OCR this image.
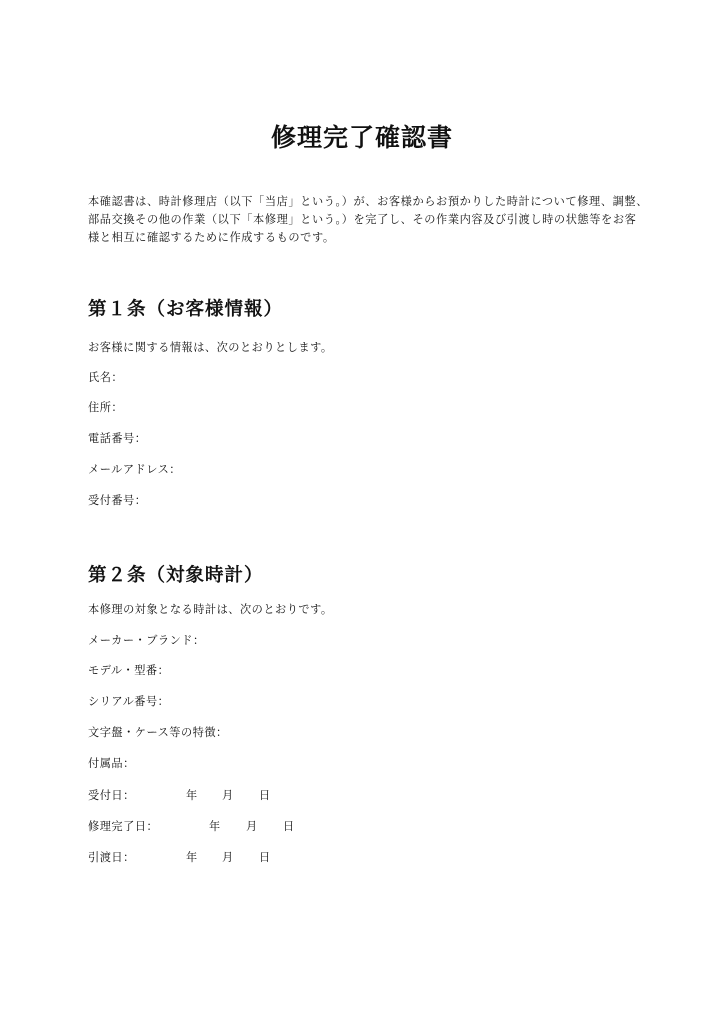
修理完了確認書
本確認書は、時計修理店（以下「当店」という。）が、お客様からお預かりした時計について修理、調整、部品交換その他の作業（以下「本修理」という。）を完了し、その作業内容及び引渡し時の状態等をお客様と相互に確認するために作成するものです。
第１条（お客様情報）
お客様に関する情報は、次のとおりとします。
氏名：
住所：
電話番号：
メールアドレス：
受付番号：
第２条（対象時計）
本修理の対象となる時計は、次のとおりです。
メーカー・ブランド：
モデル・型番：
シリアル番号：
文字盤・ケース等の特徴：
付属品：
受付日：	年 月 日
修理完了日：	年 月 日
引渡日：	年 月 日
